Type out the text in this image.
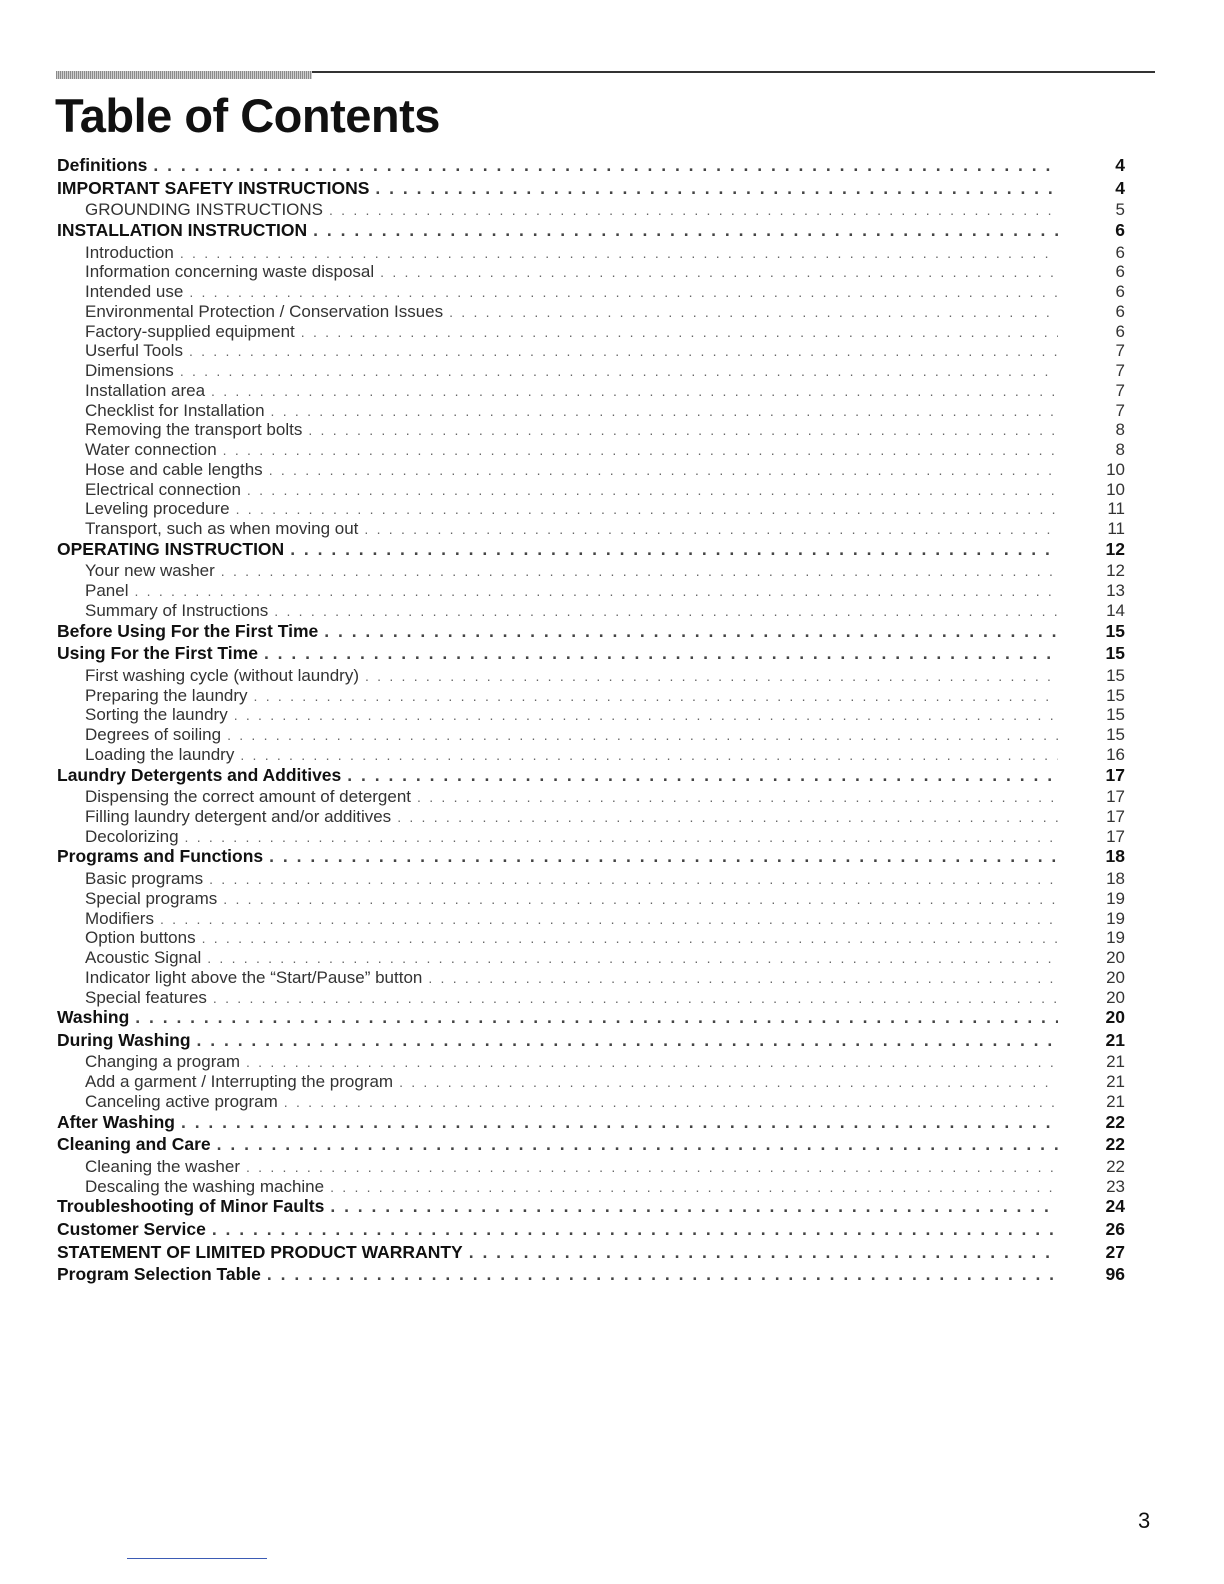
Table of Contents
Definitions . . .	4
IMPORTANT SAFETY INSTRUCTIONS . . .	4
GROUNDING INSTRUCTIONS . . .	5
INSTALLATION INSTRUCTION . . .	6
Introduction . . .	6
Information concerning waste disposal . . .	6
Intended use . . .	6
Environmental Protection / Conservation Issues . . .	6
Factory-supplied equipment . . .	6
Userful Tools . . .	7
Dimensions . . .	7
Installation area . . .	7
Checklist for Installation . . .	7
Removing the transport bolts . . .	8
Water connection . . .	8
Hose and cable lengths . . .	10
Electrical connection . . .	10
Leveling procedure . . .	11
Transport, such as when moving out . . .	11
OPERATING INSTRUCTION . . .	12
Your new washer . . .	12
Panel . . .	13
Summary of Instructions . . .	14
Before Using For the First Time . . .	15
Using For the First Time . . .	15
First washing cycle (without laundry) . . .	15
Preparing the laundry . . .	15
Sorting the laundry . . .	15
Degrees of soiling . . .	15
Loading the laundry . . .	16
Laundry Detergents and Additives . . .	17
Dispensing the correct amount of detergent . . .	17
Filling laundry detergent and/or additives . . .	17
Decolorizing . . .	17
Programs and Functions . . .	18
Basic programs . . .	18
Special programs . . .	19
Modifiers . . .	19
Option buttons . . .	19
Acoustic Signal . . .	20
Indicator light above the “Start/Pause” button . . .	20
Special features . . .	20
Washing . . .	20
During Washing . . .	21
Changing a program . . .	21
Add a garment / Interrupting the program . . .	21
Canceling active program . . .	21
After Washing . . .	22
Cleaning and Care . . .	22
Cleaning the washer . . .	22
Descaling the washing machine . . .	23
Troubleshooting of Minor Faults . . .	24
Customer Service . . .	26
STATEMENT OF LIMITED PRODUCT WARRANTY . . .	27
Program Selection Table . . .	96
3
